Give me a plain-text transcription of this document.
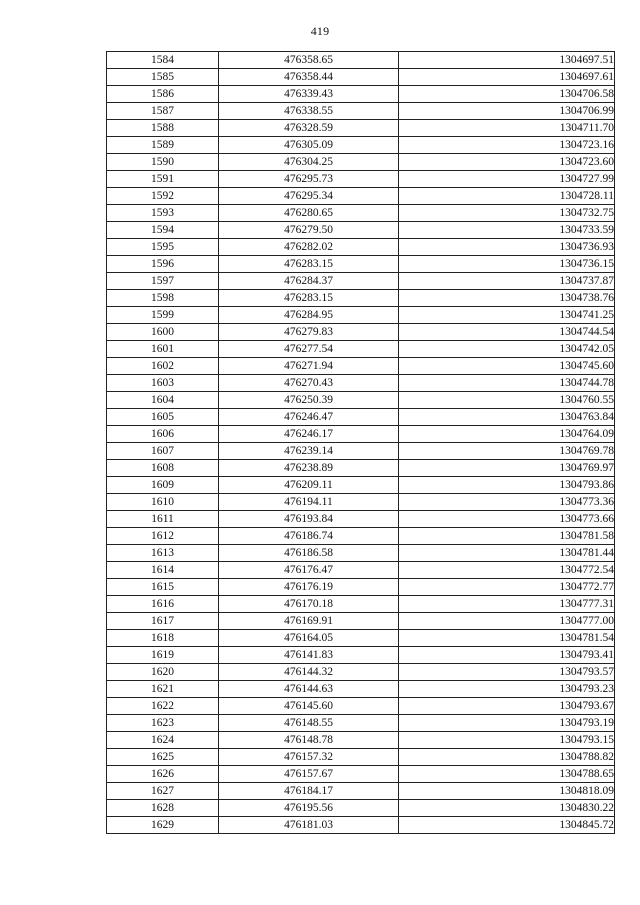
419
1584	476358.65	1304697.51
1585	476358.44	1304697.61
1586	476339.43	1304706.58
1587	476338.55	1304706.99
1588	476328.59	1304711.70
1589	476305.09	1304723.16
1590	476304.25	1304723.60
1591	476295.73	1304727.99
1592	476295.34	1304728.11
1593	476280.65	1304732.75
1594	476279.50	1304733.59
1595	476282.02	1304736.93
1596	476283.15	1304736.15
1597	476284.37	1304737.87
1598	476283.15	1304738.76
1599	476284.95	1304741.25
1600	476279.83	1304744.54
1601	476277.54	1304742.05
1602	476271.94	1304745.60
1603	476270.43	1304744.78
1604	476250.39	1304760.55
1605	476246.47	1304763.84
1606	476246.17	1304764.09
1607	476239.14	1304769.78
1608	476238.89	1304769.97
1609	476209.11	1304793.86
1610	476194.11	1304773.36
1611	476193.84	1304773.66
1612	476186.74	1304781.58
1613	476186.58	1304781.44
1614	476176.47	1304772.54
1615	476176.19	1304772.77
1616	476170.18	1304777.31
1617	476169.91	1304777.00
1618	476164.05	1304781.54
1619	476141.83	1304793.41
1620	476144.32	1304793.57
1621	476144.63	1304793.23
1622	476145.60	1304793.67
1623	476148.55	1304793.19
1624	476148.78	1304793.15
1625	476157.32	1304788.82
1626	476157.67	1304788.65
1627	476184.17	1304818.09
1628	476195.56	1304830.22
1629	476181.03	1304845.72
